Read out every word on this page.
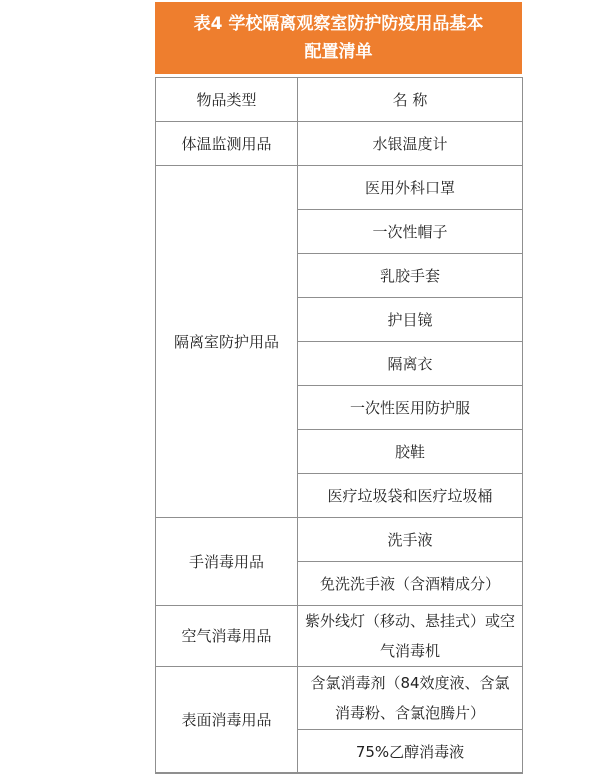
表4 学校隔离观察室防护防疫用品基本
配置清单
物品类型	名 称
体温监测用品	水银温度计
隔离室防护用品	医用外科口罩
	一次性帽子
	乳胶手套
	护目镜
	隔离衣
	一次性医用防护服
	胶鞋
	医疗垃圾袋和医疗垃圾桶
手消毒用品	洗手液
	免洗洗手液（含酒精成分）
空气消毒用品	紫外线灯（移动、悬挂式）或空气消毒机
表面消毒用品	含氯消毒剂（84效度液、含氯消毒粉、含氯泡腾片）
	75%乙醇消毒液
